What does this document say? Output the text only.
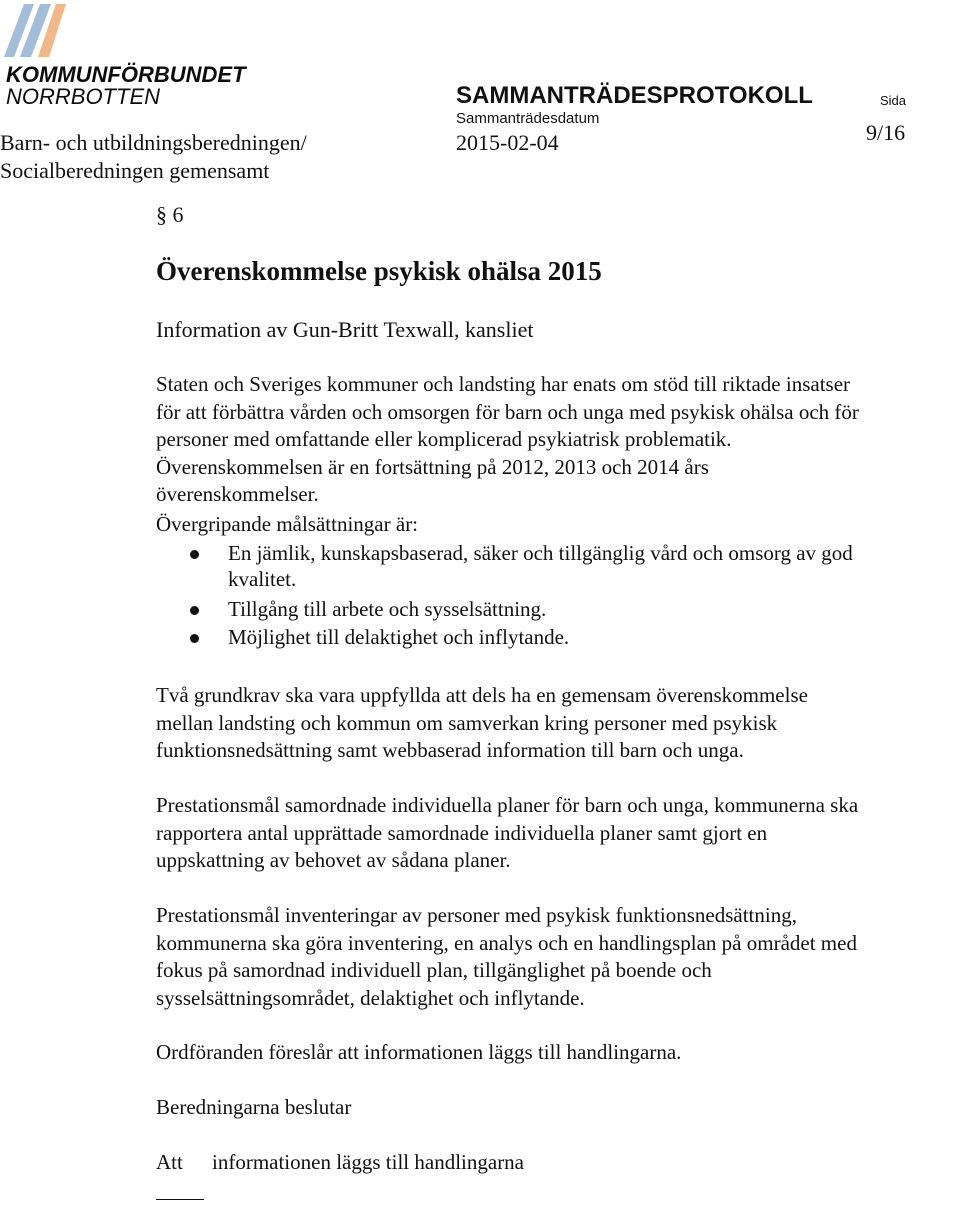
KOMMUNFÖRBUNDET
NORRBOTTEN	SAMMANTRÄDESPROTOKOLL
Sammanträdesdatum
2015-02-04
Sida
9/16
Barn- och utbildningsberedningen/
Socialberedningen gemensamt
§ 6
Överenskommelse psykisk ohälsa 2015
Information av Gun-Britt Texwall, kansliet
Staten och Sveriges kommuner och landsting har enats om stöd till riktade insatser
för att förbättra vården och omsorgen för barn och unga med psykisk ohälsa och för
personer med omfattande eller komplicerad psykiatrisk problematik.
Överenskommelsen är en fortsättning på 2012, 2013 och 2014 års
överenskommelser.
Övergripande målsättningar är:
En jämlik, kunskapsbaserad, säker och tillgänglig vård och omsorg av god
kvalitet.
Tillgång till arbete och sysselsättning.
Möjlighet till delaktighet och inflytande.
Två grundkrav ska vara uppfyllda att dels ha en gemensam överenskommelse
mellan landsting och kommun om samverkan kring personer med psykisk
funktionsnedsättning samt webbaserad information till barn och unga.
Prestationsmål samordnade individuella planer för barn och unga, kommunerna ska
rapportera antal upprättade samordnade individuella planer samt gjort en
uppskattning av behovet av sådana planer.
Prestationsmål inventeringar av personer med psykisk funktionsnedsättning,
kommunerna ska göra inventering, en analys och en handlingsplan på området med
fokus på samordnad individuell plan, tillgänglighet på boende och
sysselsättningsområdet, delaktighet och inflytande.
Ordföranden föreslår att informationen läggs till handlingarna.
Beredningarna beslutar
Att informationen läggs till handlingarna
